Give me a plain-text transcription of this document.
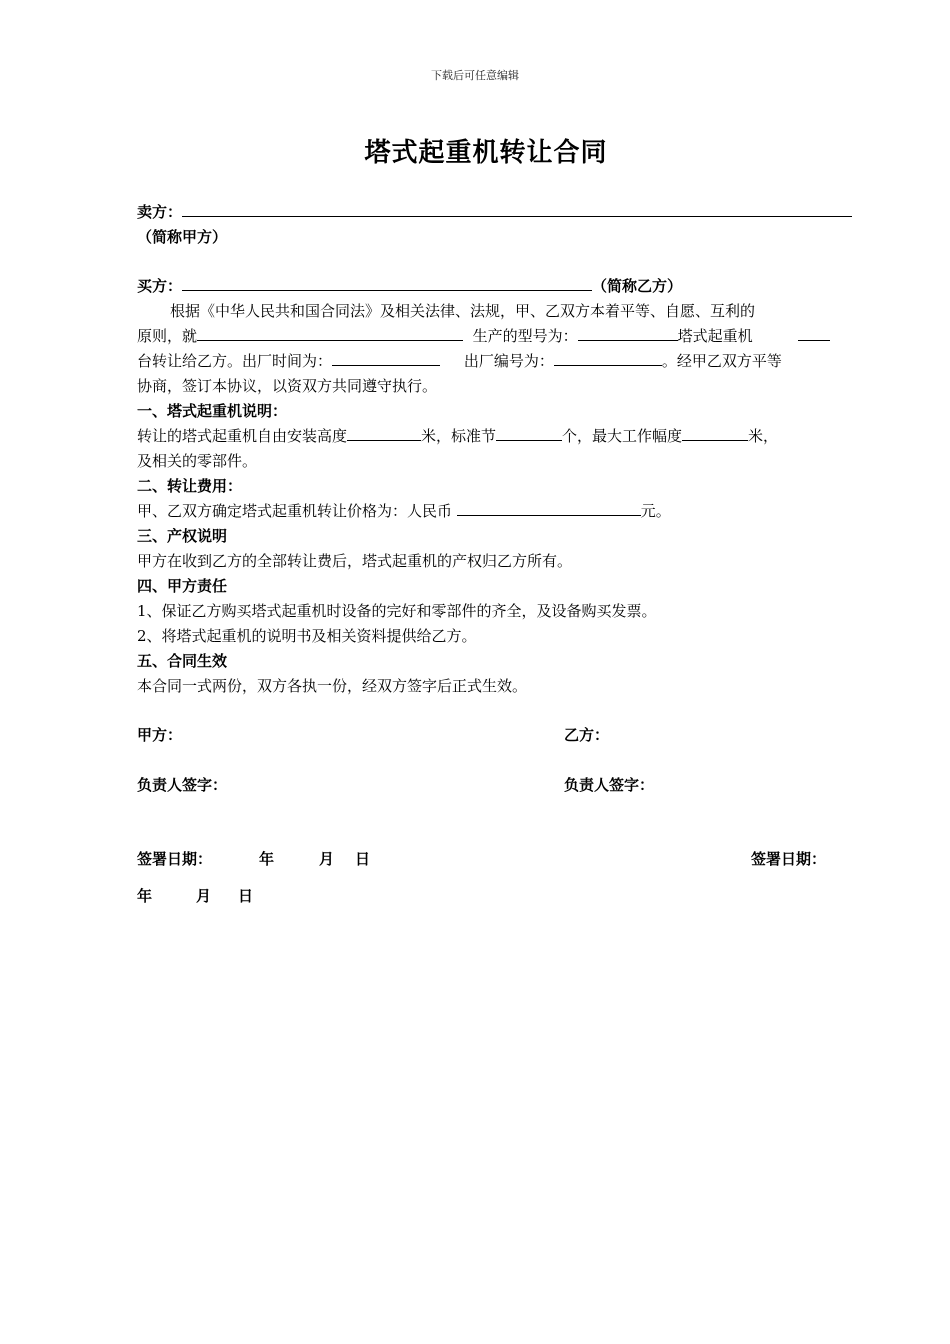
下载后可任意编辑
塔式起重机转让合同
卖方：
（简称甲方）
买方：	（简称乙方）
根据《中华人民共和国合同法》及相关法律、法规，甲、乙双方本着平等、自愿、互利的
原则，就	生产的型号为：	塔式起重机
台转让给乙方。出厂时间为：	出厂编号为：	。经甲乙双方平等
协商，签订本协议，以资双方共同遵守执行。
一、塔式起重机说明：
转让的塔式起重机自由安装高度	米，标准节	个，最大工作幅度	米，
及相关的零部件。
二、转让费用：
甲、乙双方确定塔式起重机转让价格为：人民币	元。
三、产权说明
甲方在收到乙方的全部转让费后，塔式起重机的产权归乙方所有。
四、甲方责任
1、保证乙方购买塔式起重机时设备的完好和零部件的齐全，及设备购买发票。
2、将塔式起重机的说明书及相关资料提供给乙方。
五、合同生效
本合同一式两份，双方各执一份，经双方签字后正式生效。
甲方：	乙方：
负责人签字：	负责人签字：
签署日期：	年	月 日	签署日期：
年	月 日
